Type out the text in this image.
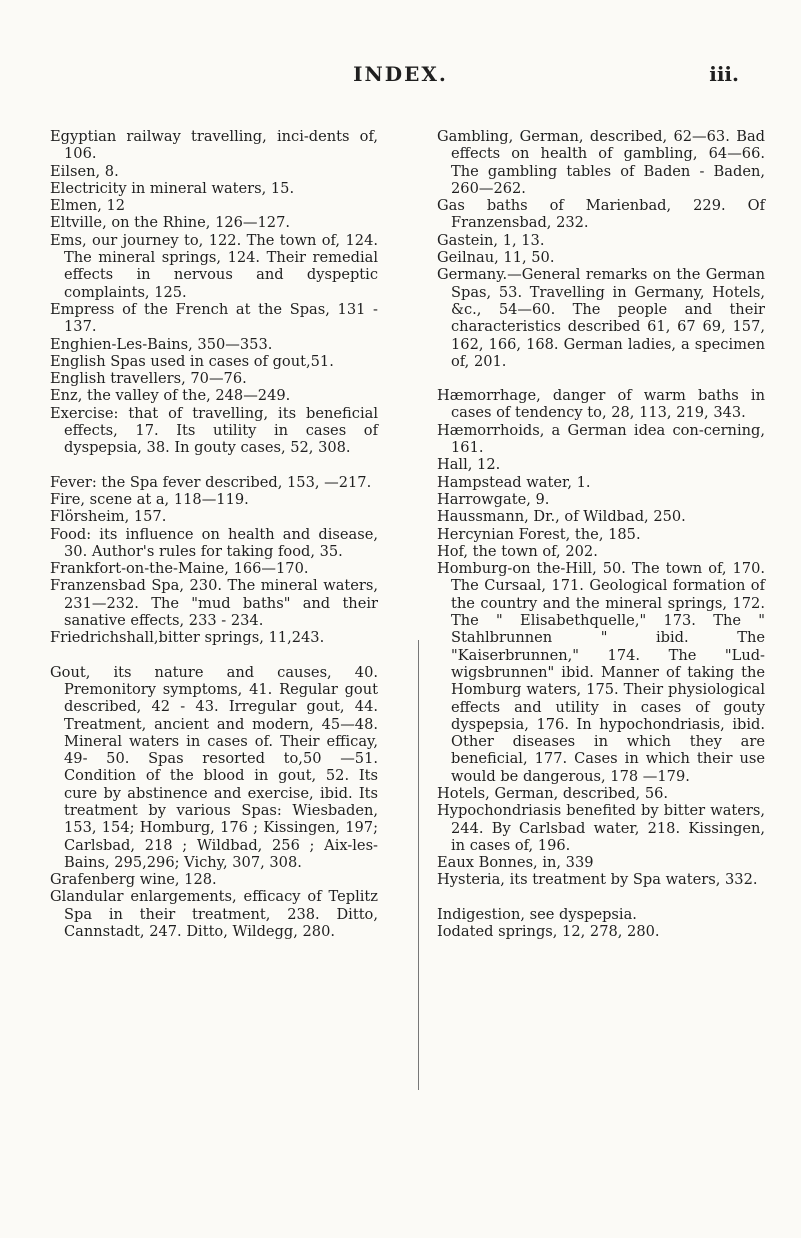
INDEX.	iii.

Egyptian railway travelling, inci-dents of, 106.

Eilsen, 8.

Electricity in mineral waters, 15.

Elmen, 12

Eltville, on the Rhine, 126—127.

Ems, our journey to, 122. The town of, 124. The mineral springs, 124. Their remedial effects in nervous and dyspeptic complaints, 125.

Empress of the French at the Spas, 131 - 137.

Enghien-Les-Bains, 350—353.

English Spas used in cases of gout,51.

English travellers, 70—76.

Enz, the valley of the, 248—249.

Exercise: that of travelling, its beneficial effects, 17. Its utility in cases of dyspepsia, 38. In gouty cases, 52, 308.

Fever: the Spa fever described, 153, —217.

Fire, scene at a, 118—119.

Flörsheim, 157.

Food: its influence on health and disease, 30. Author's rules for taking food, 35.

Frankfort-on-the-Maine, 166—170.

Franzensbad Spa, 230. The mineral waters, 231—232. The "mud baths" and their sanative effects, 233 - 234.

Friedrichshall,bitter springs, 11,243.

Gout, its nature and causes, 40. Premonitory symptoms, 41. Regular gout described, 42 - 43. Irregular gout, 44. Treatment, ancient and modern, 45—48. Mineral waters in cases of. Their efficay, 49- 50. Spas resorted to,50 —51. Condition of the blood in gout, 52. Its cure by abstinence and exercise, ibid. Its treatment by various Spas: Wiesbaden, 153, 154; Homburg, 176 ; Kissingen, 197; Carlsbad, 218 ; Wildbad, 256 ; Aix-les-Bains, 295,296; Vichy, 307, 308.

Grafenberg wine, 128.

Glandular enlargements, efficacy of Teplitz Spa in their treatment, 238. Ditto, Cannstadt, 247. Ditto, Wildegg, 280.

Gambling, German, described, 62—63. Bad effects on health of gambling, 64—66. The gambling tables of Baden - Baden, 260—262.

Gas baths of Marienbad, 229. Of Franzensbad, 232.

Gastein, 1, 13.

Geilnau, 11, 50.

Germany.—General remarks on the German Spas, 53. Travelling in Germany, Hotels, &c., 54—60. The people and their characteristics described 61, 67 69, 157, 162, 166, 168. German ladies, a specimen of, 201.

Hæmorrhage, danger of warm baths in cases of tendency to, 28, 113, 219, 343.

Hæmorrhoids, a German idea con-cerning, 161.

Hall, 12.

Hampstead water, 1.

Harrowgate, 9.

Haussmann, Dr., of Wildbad, 250.

Hercynian Forest, the, 185.

Hof, the town of, 202.

Homburg-on the-Hill, 50. The town of, 170. The Cursaal, 171. Geological formation of the country and the mineral springs, 172. The " Elisabethquelle," 173. The " Stahlbrunnen " ibid. The "Kaiserbrunnen," 174. The "Lud-wigsbrunnen" ibid. Manner of taking the Homburg waters, 175. Their physiological effects and utility in cases of gouty dyspepsia, 176. In hypochondriasis, ibid. Other diseases in which they are beneficial, 177. Cases in which their use would be dangerous, 178 —179.

Hotels, German, described, 56.

Hypochondriasis benefited by bitter waters, 244. By Carlsbad water, 218. Kissingen, in cases of, 196.

Eaux Bonnes, in, 339

Hysteria, its treatment by Spa waters, 332.

Indigestion, see dyspepsia.

Iodated springs, 12, 278, 280.
